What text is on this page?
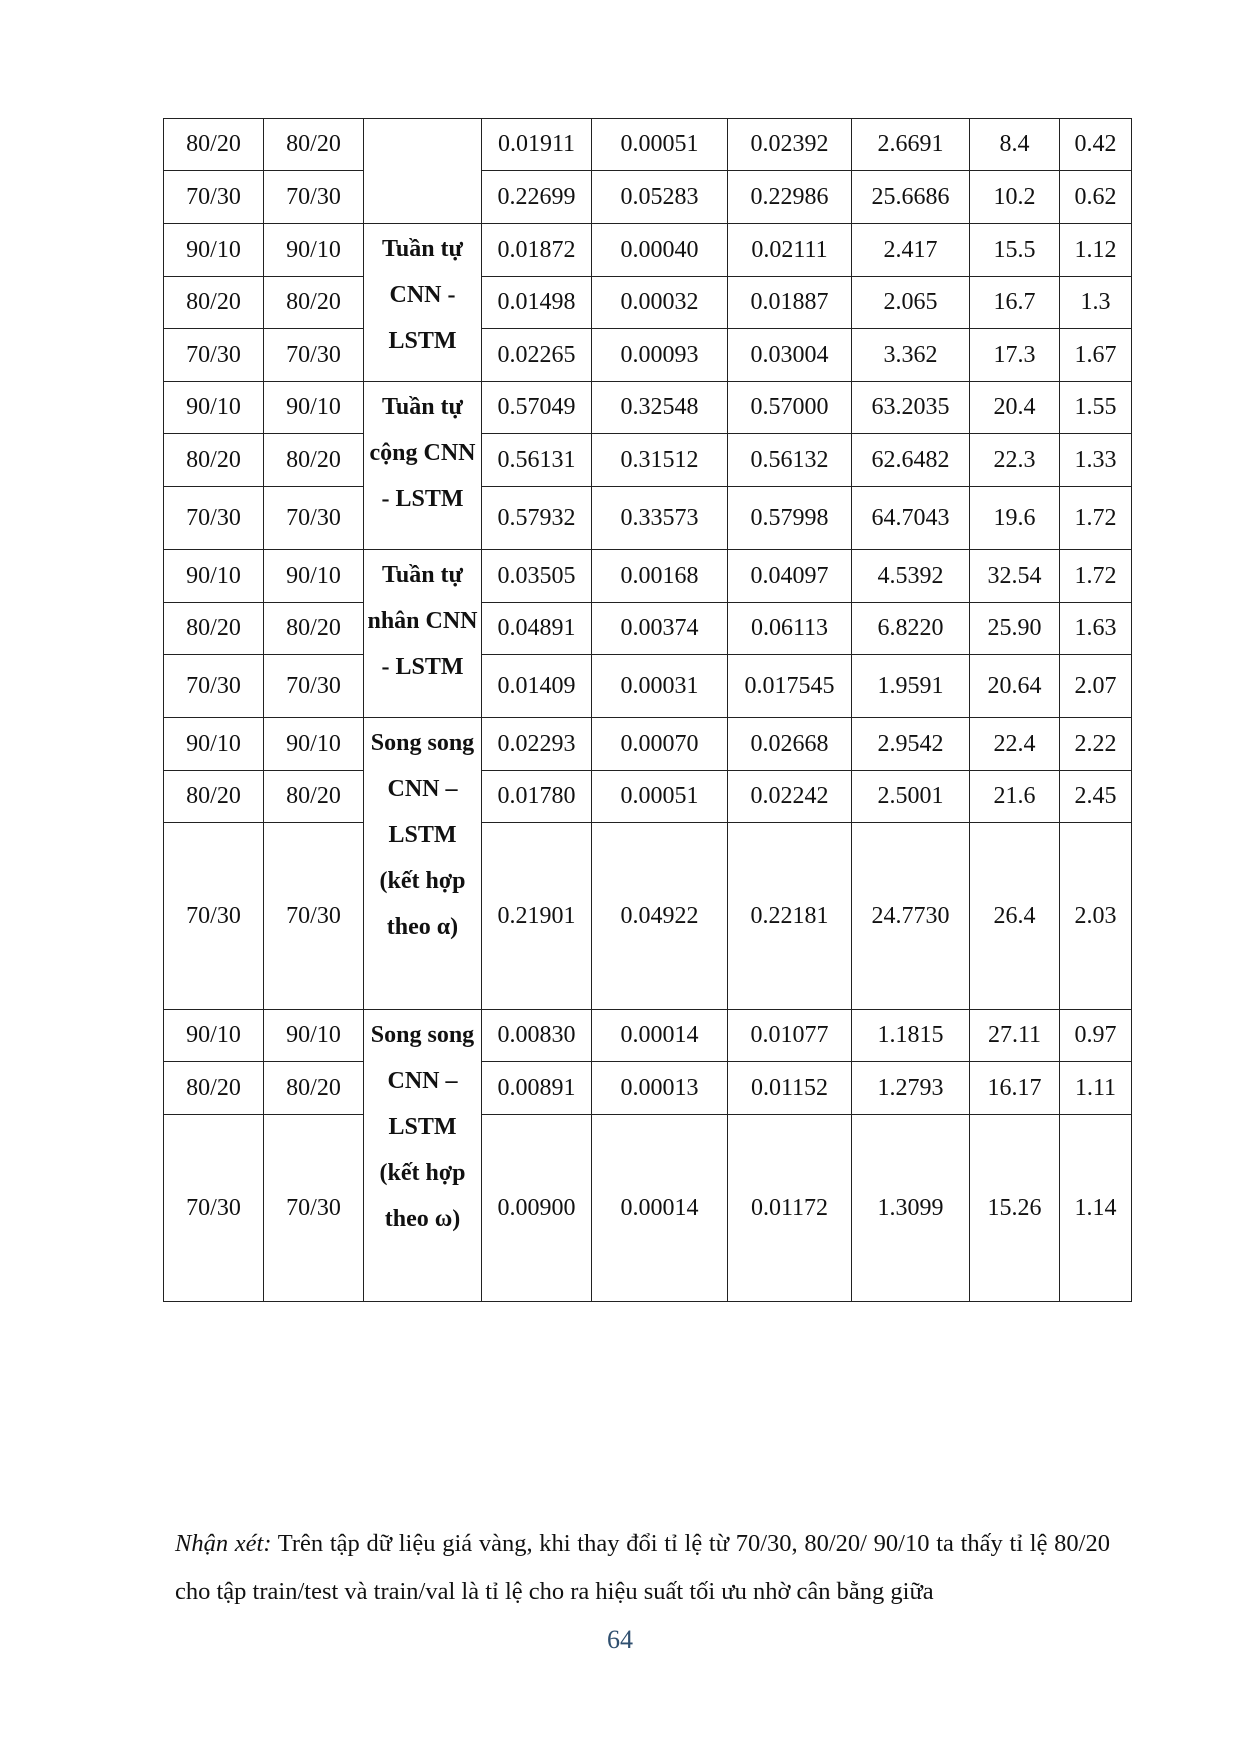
80/20	80/20		0.01911	0.00051	0.02392	2.6691	8.4	0.42
70/30	70/30		0.22699	0.05283	0.22986	25.6686	10.2	0.62
90/10	90/10	Tuần tự CNN - LSTM	0.01872	0.00040	0.02111	2.417	15.5	1.12
80/20	80/20		0.01498	0.00032	0.01887	2.065	16.7	1.3
70/30	70/30		0.02265	0.00093	0.03004	3.362	17.3	1.67
90/10	90/10	Tuần tự cộng CNN - LSTM	0.57049	0.32548	0.57000	63.2035	20.4	1.55
80/20	80/20		0.56131	0.31512	0.56132	62.6482	22.3	1.33
70/30	70/30		0.57932	0.33573	0.57998	64.7043	19.6	1.72
90/10	90/10	Tuần tự nhân CNN - LSTM	0.03505	0.00168	0.04097	4.5392	32.54	1.72
80/20	80/20		0.04891	0.00374	0.06113	6.8220	25.90	1.63
70/30	70/30		0.01409	0.00031	0.017545	1.9591	20.64	2.07
90/10	90/10	Song song CNN – LSTM (kết hợp theo α)	0.02293	0.00070	0.02668	2.9542	22.4	2.22
80/20	80/20		0.01780	0.00051	0.02242	2.5001	21.6	2.45
70/30	70/30		0.21901	0.04922	0.22181	24.7730	26.4	2.03
90/10	90/10	Song song CNN – LSTM (kết hợp theo ω)	0.00830	0.00014	0.01077	1.1815	27.11	0.97
80/20	80/20		0.00891	0.00013	0.01152	1.2793	16.17	1.11
70/30	70/30		0.00900	0.00014	0.01172	1.3099	15.26	1.14

Nhận xét: Trên tập dữ liệu giá vàng, khi thay đổi tỉ lệ từ 70/30, 80/20/ 90/10 ta thấy tỉ lệ 80/20 cho tập train/test và train/val là tỉ lệ cho ra hiệu suất tối ưu nhờ cân bằng giữa

64
